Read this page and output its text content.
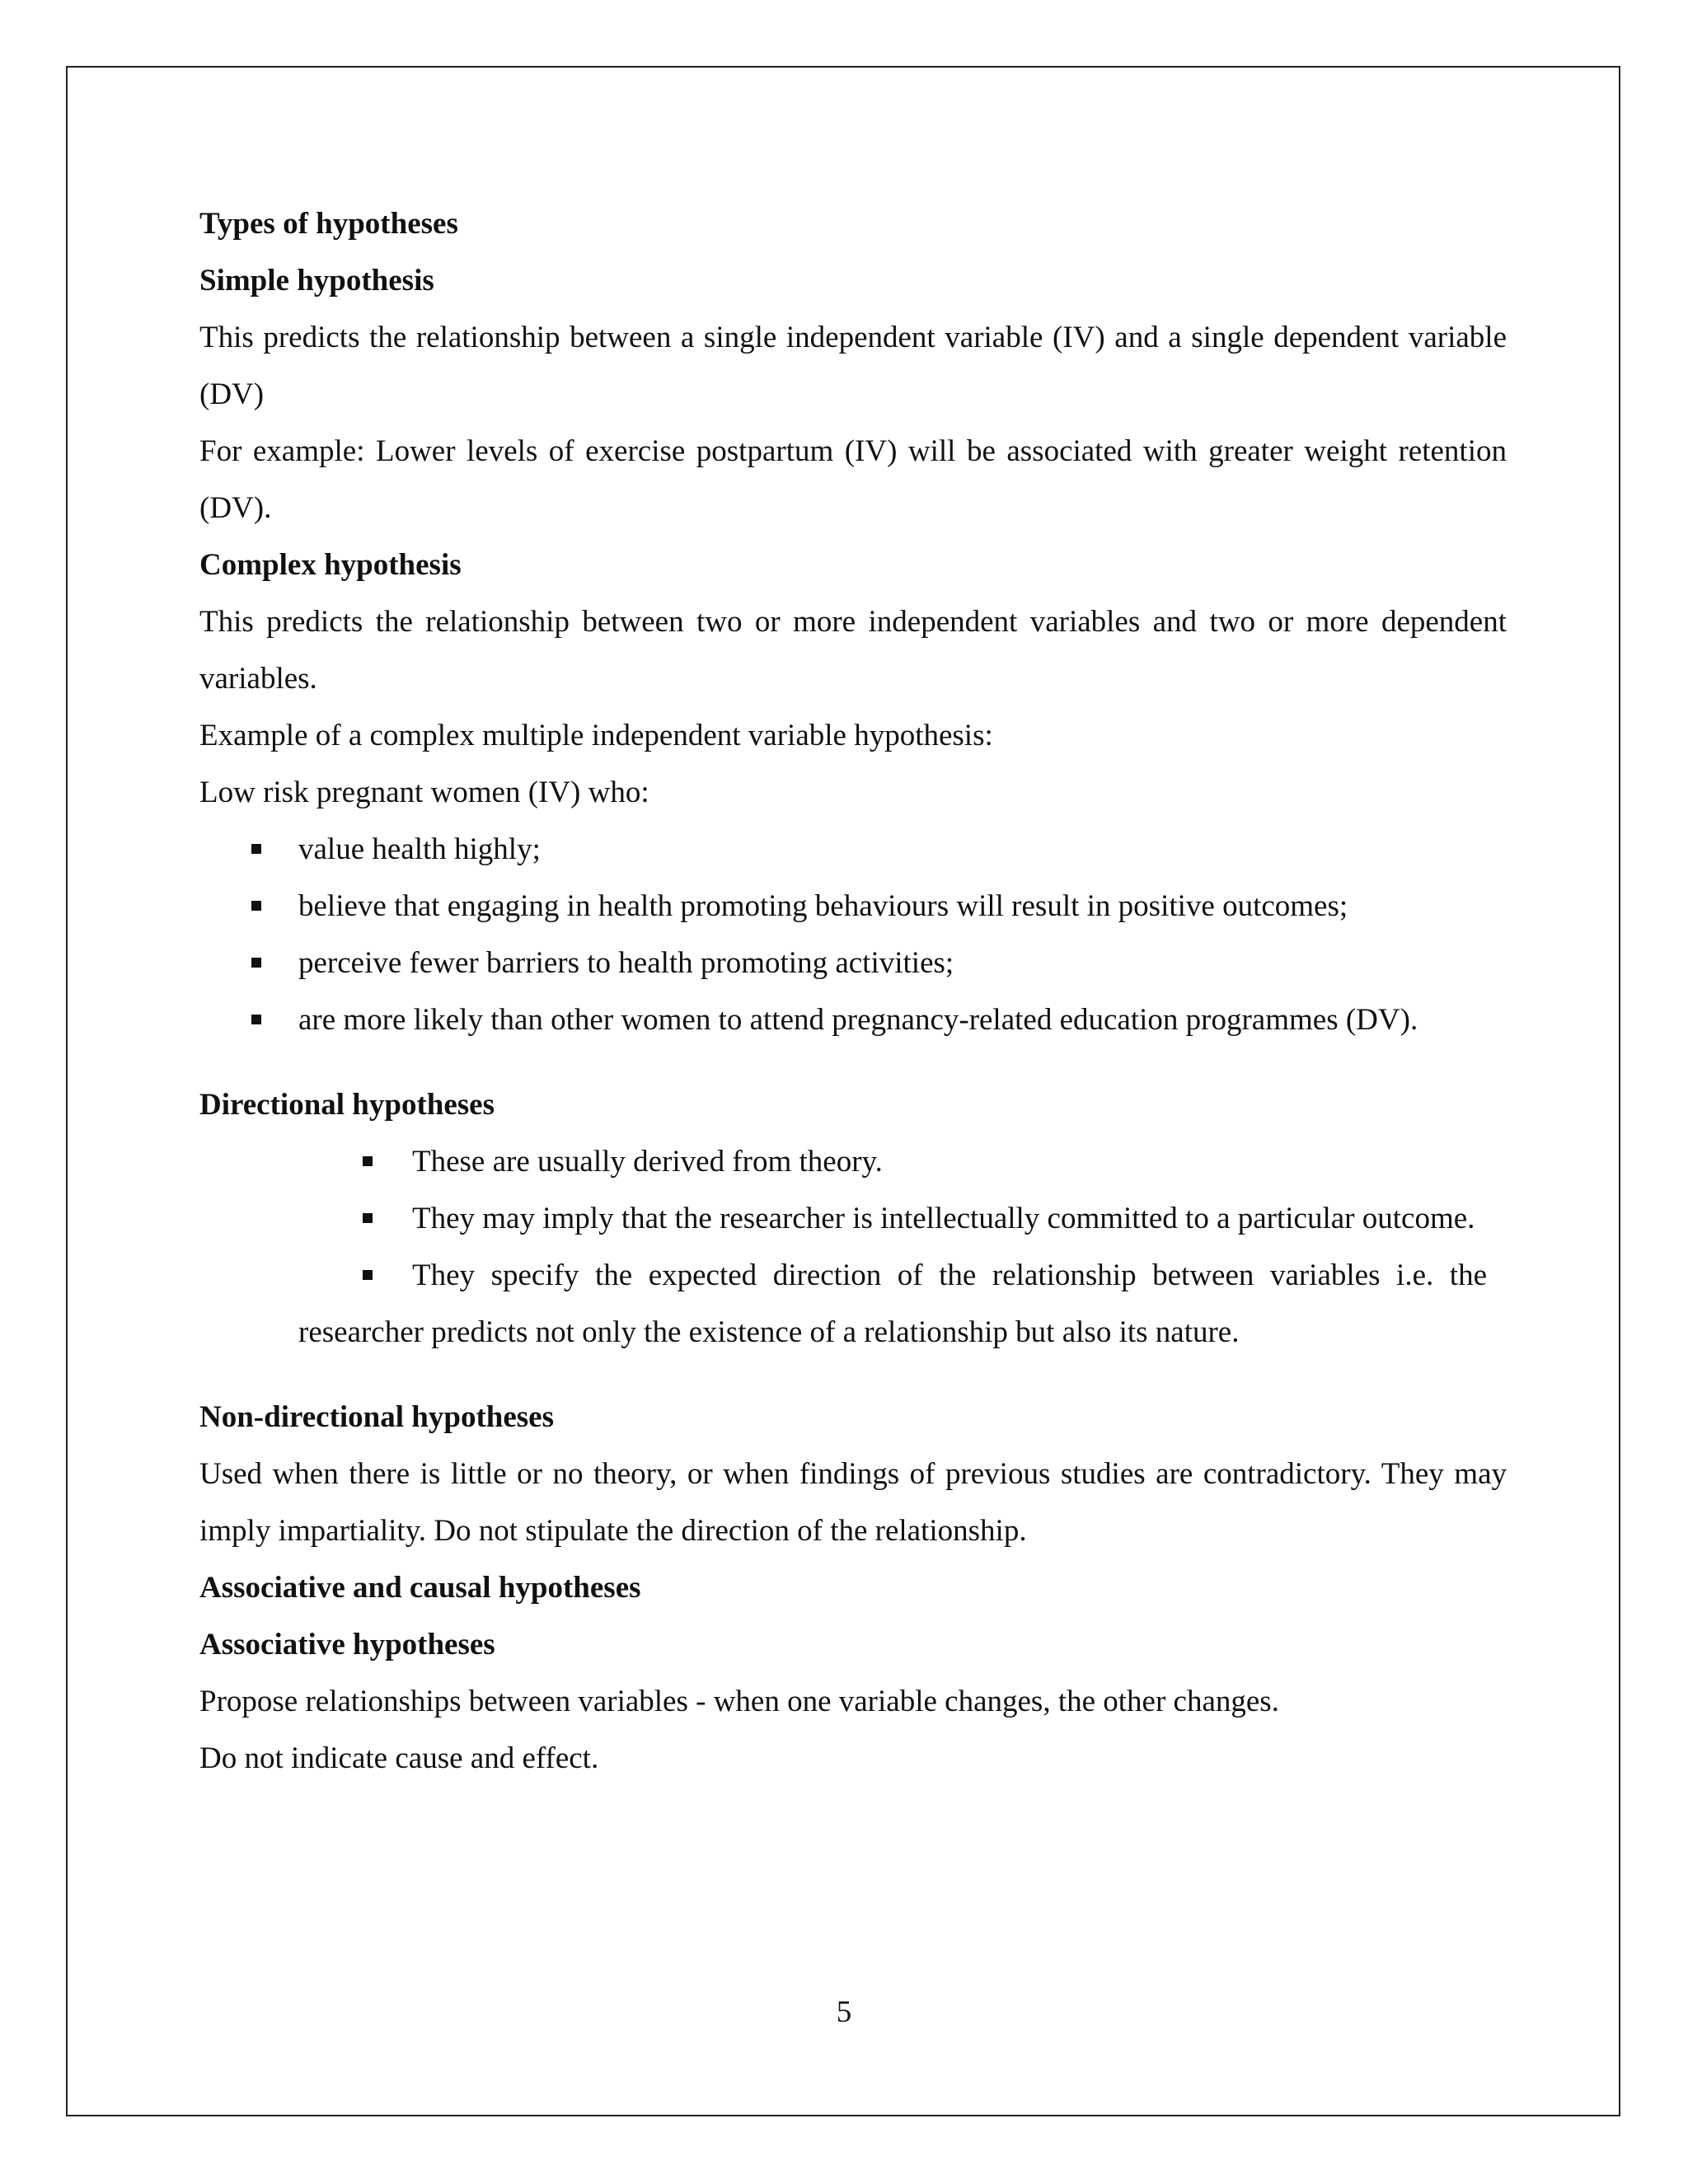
Types of hypotheses

Simple hypothesis

This predicts the relationship between a single independent variable (IV) and a single dependent variable (DV)

For example: Lower levels of exercise postpartum (IV) will be associated with greater weight retention (DV).

Complex hypothesis

This predicts the relationship between two or more independent variables and two or more dependent variables.

Example of a complex multiple independent variable hypothesis:

Low risk pregnant women (IV) who:

value health highly;
believe that engaging in health promoting behaviours will result in positive outcomes;
perceive fewer barriers to health promoting activities;
are more likely than other women to attend pregnancy-related education programmes (DV).

Directional hypotheses

These are usually derived from theory.

They may imply that the researcher is intellectually committed to a particular outcome.

They specify the expected direction of the relationship between variables i.e. the researcher predicts not only the existence of a relationship but also its nature.

Non-directional hypotheses

Used when there is little or no theory, or when findings of previous studies are contradictory. They may imply impartiality. Do not stipulate the direction of the relationship.

Associative and causal hypotheses

Associative hypotheses

Propose relationships between variables - when one variable changes, the other changes.

Do not indicate cause and effect.

5
